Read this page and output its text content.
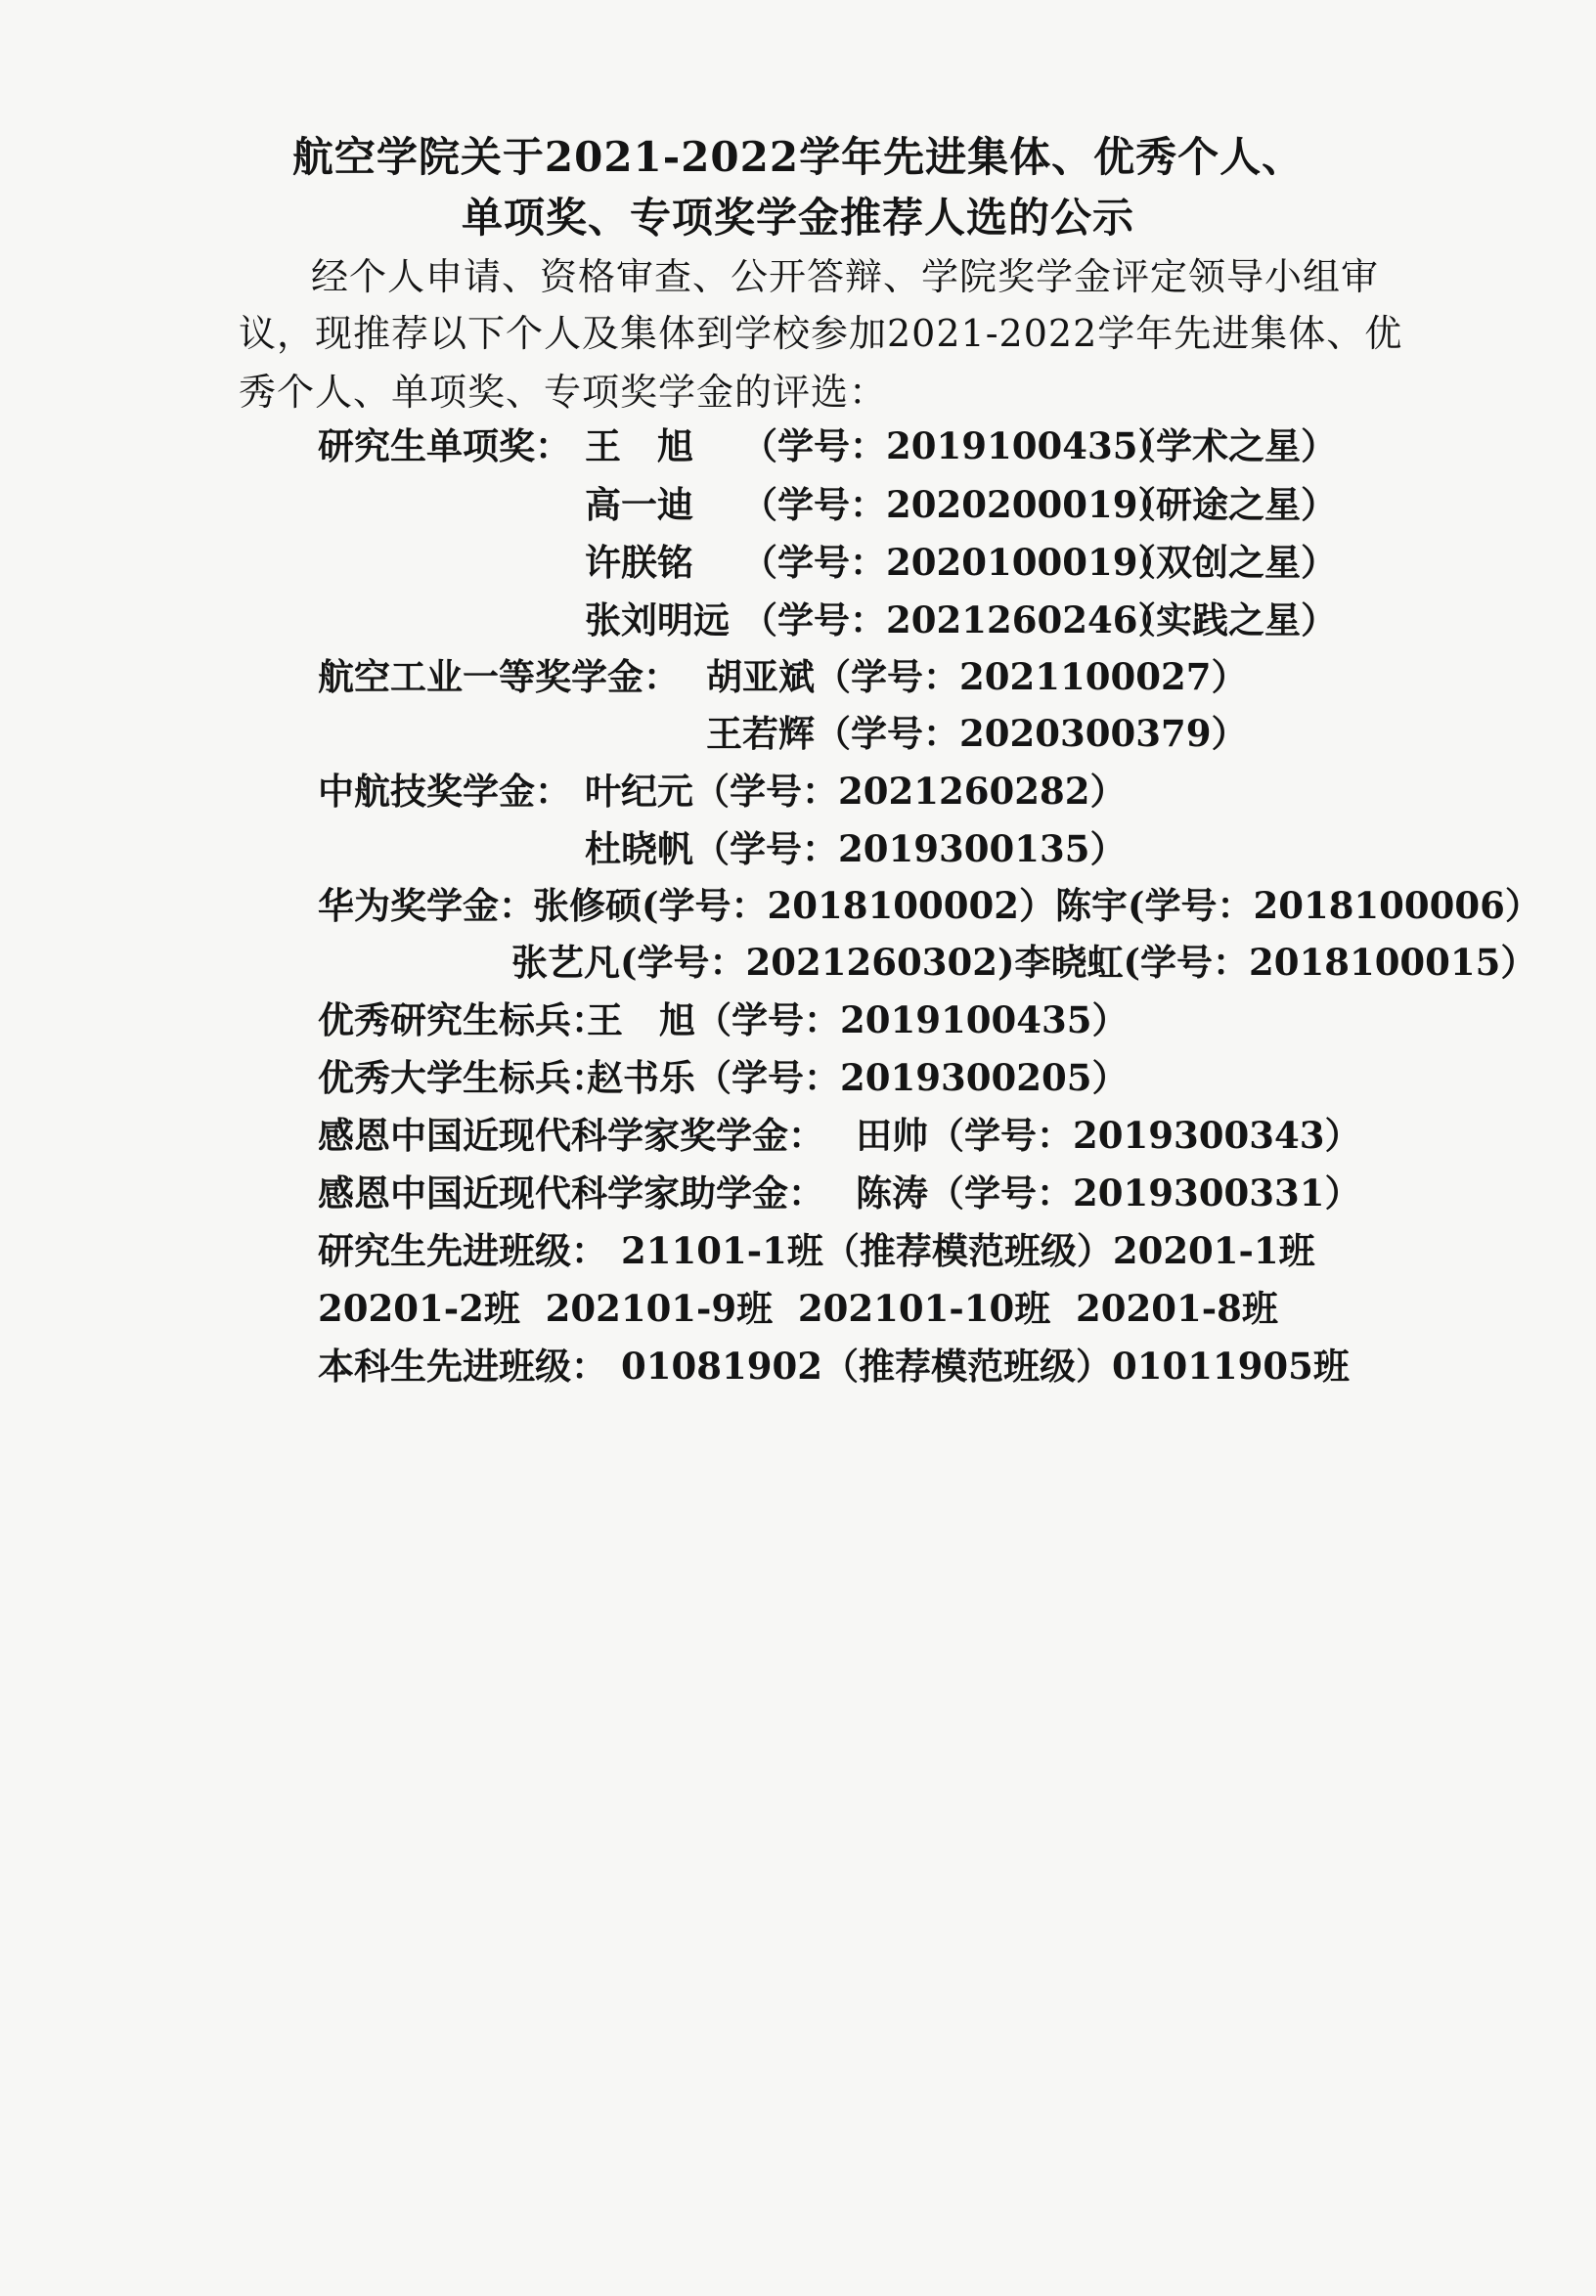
航空学院关于2021-2022学年先进集体、优秀个人、
单项奖、专项奖学金推荐人选的公示
经个人申请、资格审查、公开答辩、学院奖学金评定领导小组审
议，现推荐以下个人及集体到学校参加2021-2022学年先进集体、优
秀个人、单项奖、专项奖学金的评选：
研究生单项奖： 王　旭 （学号：2019100435）
（学术之星）
高一迪 （学号：2020200019）
（研途之星）
许朕铭 （学号：2020100019）
（双创之星）
张刘明远 （学号：2021260246）
（实践之星）
航空工业一等奖学金： 胡亚斌（学号：2021100027）
王若辉（学号：2020300379）
中航技奖学金： 叶纪元（学号：2021260282）
杜晓帆（学号：2019300135）
华为奖学金：
张修硕(学号：2018100002）陈宇(学号：2018100006）
张艺凡(学号：2021260302)李晓虹(学号：2018100015）
优秀研究生标兵：
王　旭（学号：2019100435）
优秀大学生标兵：
赵书乐（学号：2019300205）
感恩中国近现代科学家奖学金： 田帅（学号：2019300343）
感恩中国近现代科学家助学金： 陈涛（学号：2019300331）
研究生先进班级： 21101-1班（推荐模范班级）20201-1班
20201-2班  202101-9班  202101-10班  20201-8班
本科生先进班级： 01081902（推荐模范班级）01011905班
